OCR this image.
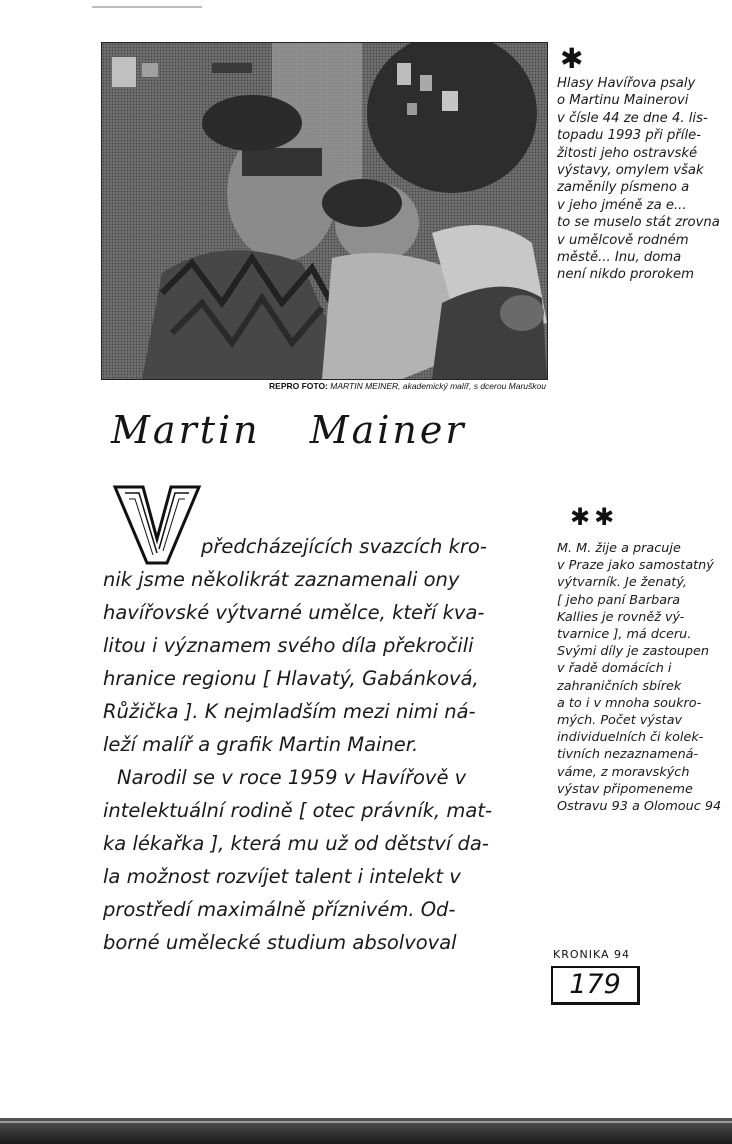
REPRO FOTO: MARTIN MEINER, akademický malíř, s dcerou Maruškou
Martin Mainer
V	předcházejících svazcích kro-
nik jsme několikrát zaznamenali ony
havířovské výtvarné umělce, kteří kva-
litou i významem svého díla překročili
hranice regionu [ Hlavatý, Gabánková,
Růžička ]. K nejmladším mezi nimi ná-
leží malíř a grafik Martin Mainer.
Narodil se v roce 1959 v Havířově v
intelektuální rodině [ otec právník, mat-
ka lékařka ], která mu už od dětství da-
la možnost rozvíjet talent i intelekt v
prostředí maximálně příznivém. Od-
borné umělecké studium absolvoval
✱
Hlasy Havířova psaly
o Martinu Mainerovi
v čísle 44 ze dne 4. lis-
topadu 1993 při příle-
žitosti jeho ostravské
výstavy, omylem však
zaměnily písmeno a
v jeho jméně za e...
to se muselo stát zrovna
v umělcově rodném
městě... Inu, doma
není nikdo prorokem
✱✱
M. M. žije a pracuje
v Praze jako samostatný
výtvarník. Je ženatý,
[ jeho paní Barbara
Kallies je rovněž vý-
tvarnice ], má dceru.
Svými díly je zastoupen
v řadě domácích i
zahraničních sbírek
a to i v mnoha soukro-
mých. Počet výstav
individuelních či kolek-
tivních nezaznamená-
váme, z moravských
výstav připomeneme
Ostravu 93 a Olomouc 94
KRONIKA 94
179
